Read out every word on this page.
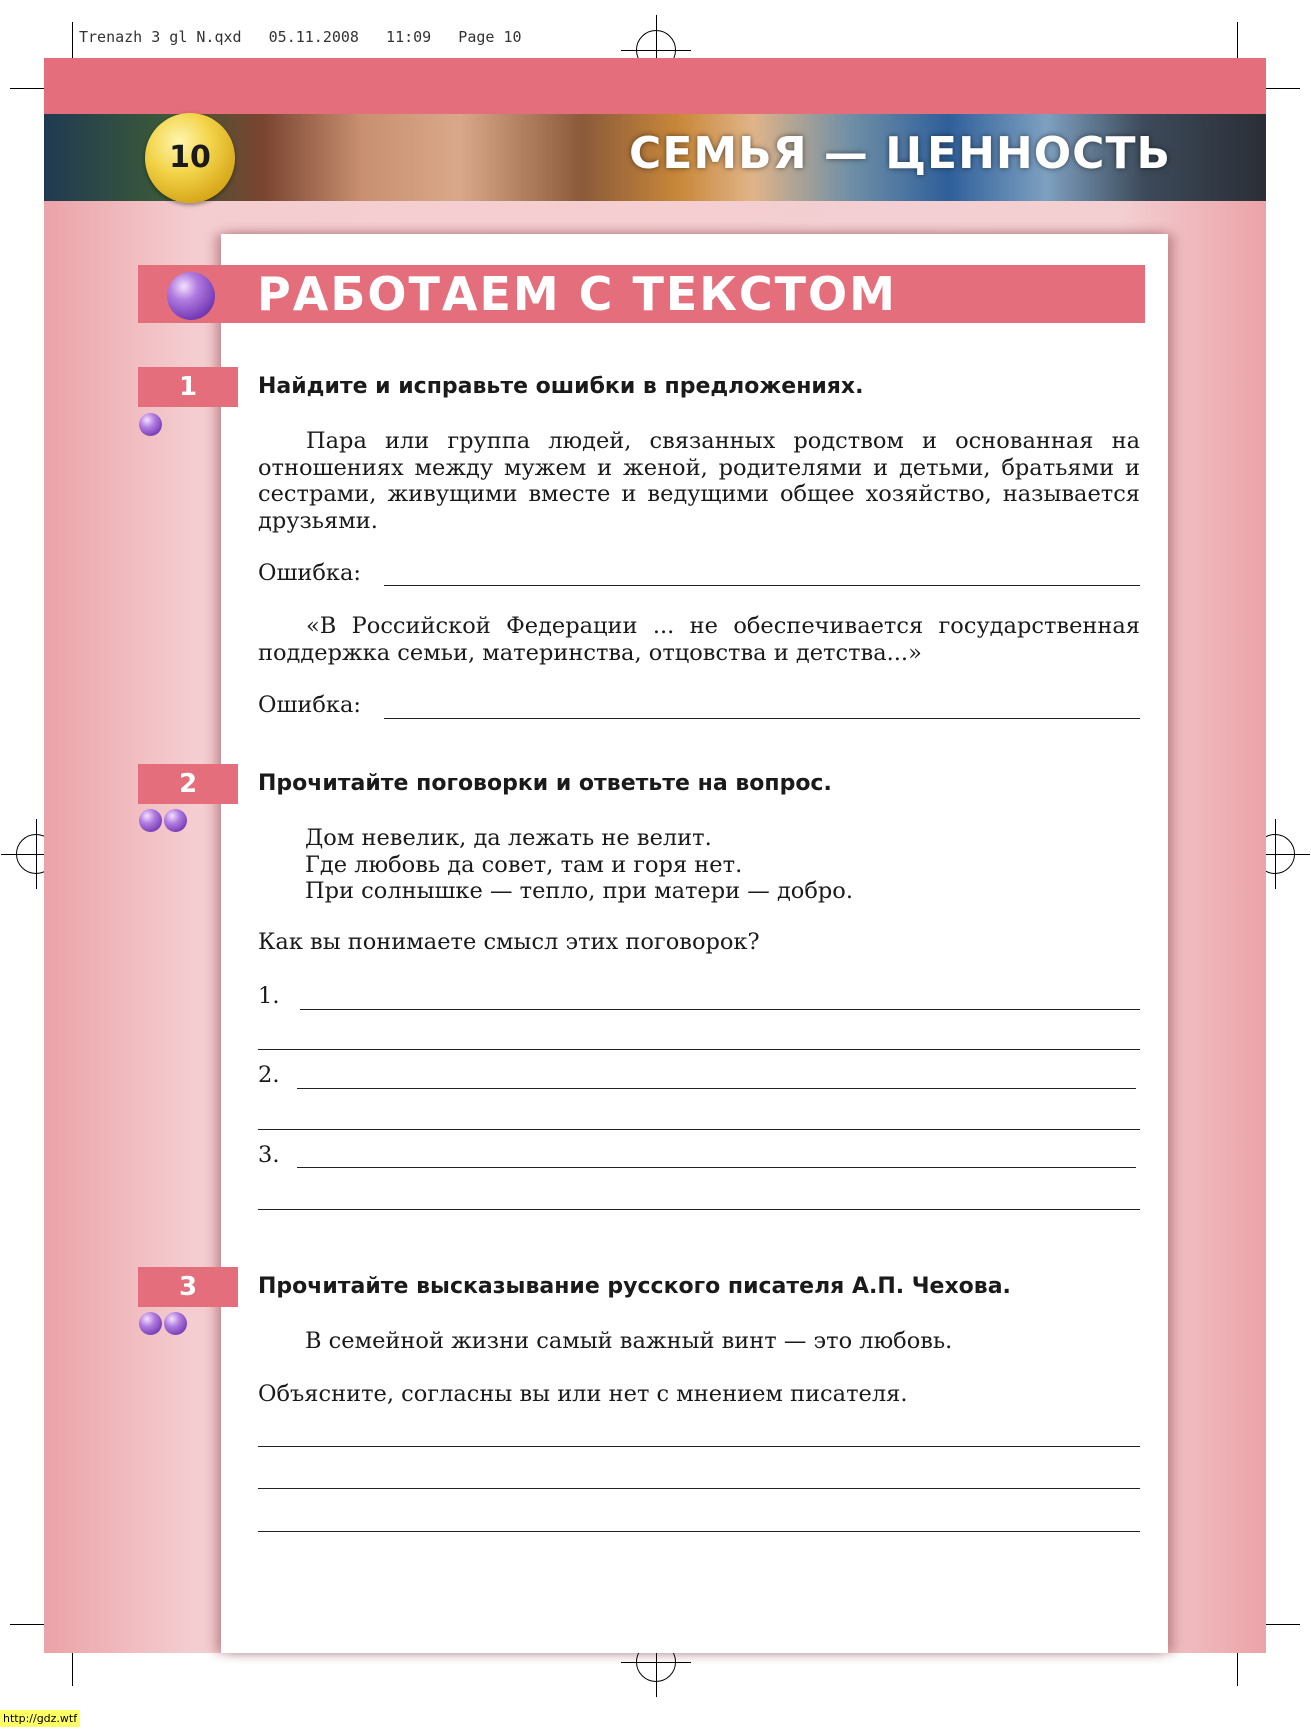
Trenazh 3 gl N.qxd   05.11.2008   11:09   Page 10
СЕМЬЯ — ЦЕННОСТЬ
10
РАБОТАЕМ С ТЕКСТОМ
1	Найдите и исправьте ошибки в предложениях.
Пара или группа людей, связанных родством и основанная на отношениях между мужем и женой, родителями и детьми, братьями и сестрами, живущими вместе и ведущими общее хозяйство, называется друзьями.
Ошибка:
«В Российской Федерации ... не обеспечивается государственная поддержка семьи, материнства, отцовства и детства...»
Ошибка:
2	Прочитайте поговорки и ответьте на вопрос.
Дом невелик, да лежать не велит.
Где любовь да совет, там и горя нет.
При солнышке — тепло, при матери — добро.
Как вы понимаете смысл этих поговорок?
1.
2.
3.
3	Прочитайте высказывание русского писателя А.П. Чехова.
В семейной жизни самый важный винт — это любовь.
Объясните, согласны вы или нет с мнением писателя.
http://gdz.wtf
